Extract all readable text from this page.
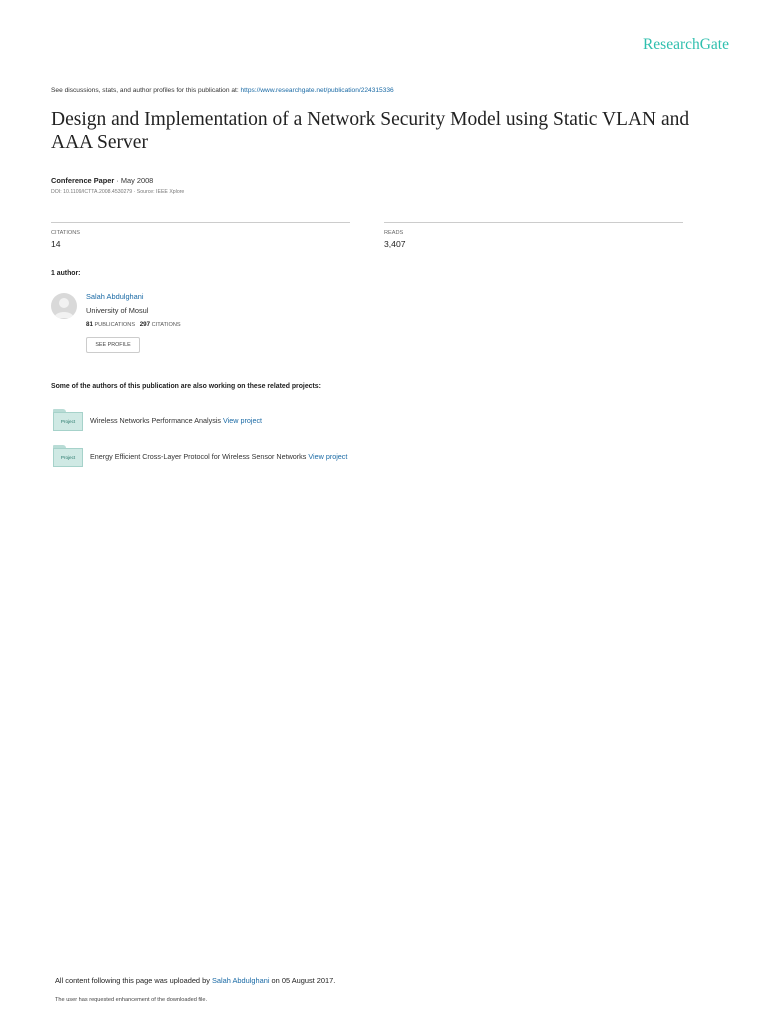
ResearchGate
See discussions, stats, and author profiles for this publication at: https://www.researchgate.net/publication/224315336
Design and Implementation of a Network Security Model using Static VLAN and AAA Server
Conference Paper · May 2008
DOI: 10.1109/ICTTA.2008.4530279 · Source: IEEE Xplore
CITATIONS
14
READS
3,407
1 author:
Salah Abdulghani
University of Mosul
81 PUBLICATIONS 297 CITATIONS
SEE PROFILE
Some of the authors of this publication are also working on these related projects:
Project	Wireless Networks Performance Analysis View project
Project	Energy Efficient Cross-Layer Protocol for Wireless Sensor Networks View project
All content following this page was uploaded by Salah Abdulghani on 05 August 2017.
The user has requested enhancement of the downloaded file.
